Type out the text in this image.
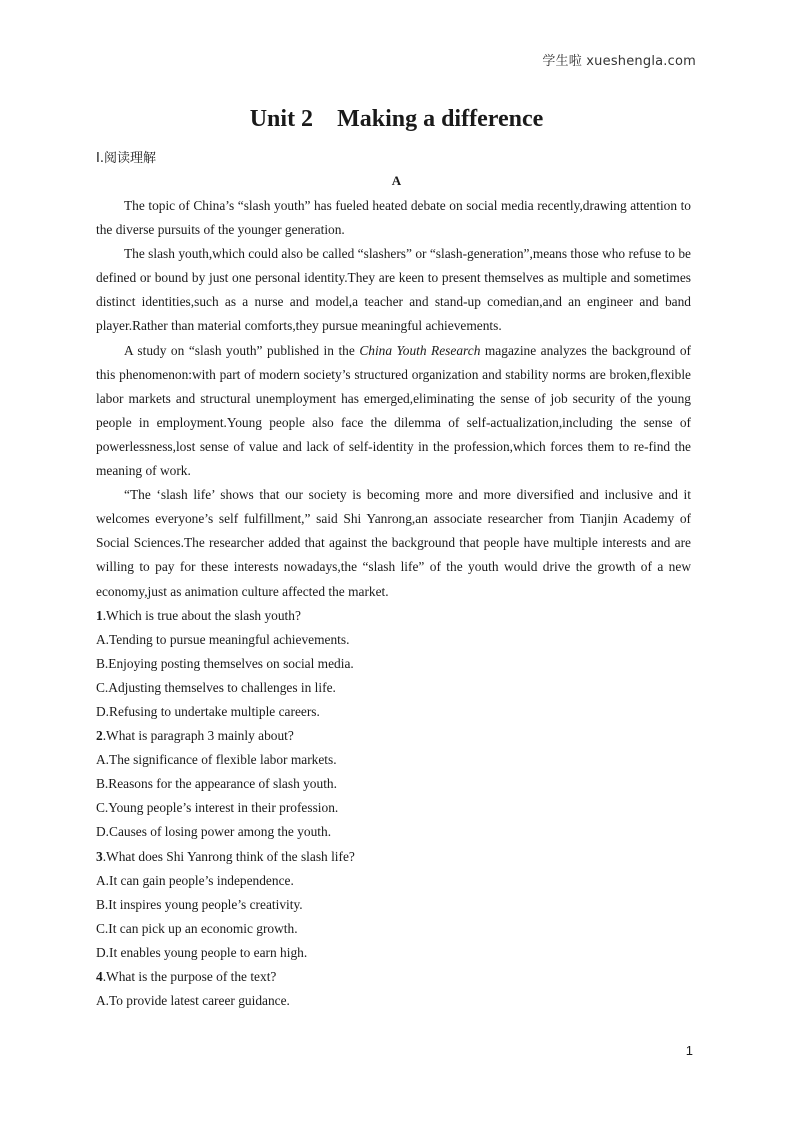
学生啦 xueshengla.com
Unit 2 Making a difference
Ⅰ.阅读理解
A

The topic of China’s “slash youth” has fueled heated debate on social media recently,drawing attention to the diverse pursuits of the younger generation.

The slash youth,which could also be called “slashers” or “slash-generation”,means those who refuse to be defined or bound by just one personal identity.They are keen to present themselves as multiple and sometimes distinct identities,such as a nurse and model,a teacher and stand-up comedian,and an engineer and band player.Rather than material comforts,they pursue meaningful achievements.

A study on “slash youth” published in the China Youth Research magazine analyzes the background of this phenomenon:with part of modern society’s structured organization and stability norms are broken,flexible labor markets and structural unemployment has emerged,eliminating the sense of job security of the young people in employment.Young people also face the dilemma of self-actualization,including the sense of powerlessness,lost sense of value and lack of self-identity in the profession,which forces them to re-find the meaning of work.

“The ‘slash life’ shows that our society is becoming more and more diversified and inclusive and it welcomes everyone’s self fulfillment,” said Shi Yanrong,an associate researcher from Tianjin Academy of Social Sciences.The researcher added that against the background that people have multiple interests and are willing to pay for these interests nowadays,the “slash life” of the youth would drive the growth of a new economy,just as animation culture affected the market.

1.Which is true about the slash youth?

A.Tending to pursue meaningful achievements.

B.Enjoying posting themselves on social media.

C.Adjusting themselves to challenges in life.

D.Refusing to undertake multiple careers.

2.What is paragraph 3 mainly about?

A.The significance of flexible labor markets.

B.Reasons for the appearance of slash youth.

C.Young people’s interest in their profession.

D.Causes of losing power among the youth.

3.What does Shi Yanrong think of the slash life?

A.It can gain people’s independence.

B.It inspires young people’s creativity.

C.It can pick up an economic growth.

D.It enables young people to earn high.

4.What is the purpose of the text?

A.To provide latest career guidance.

1
